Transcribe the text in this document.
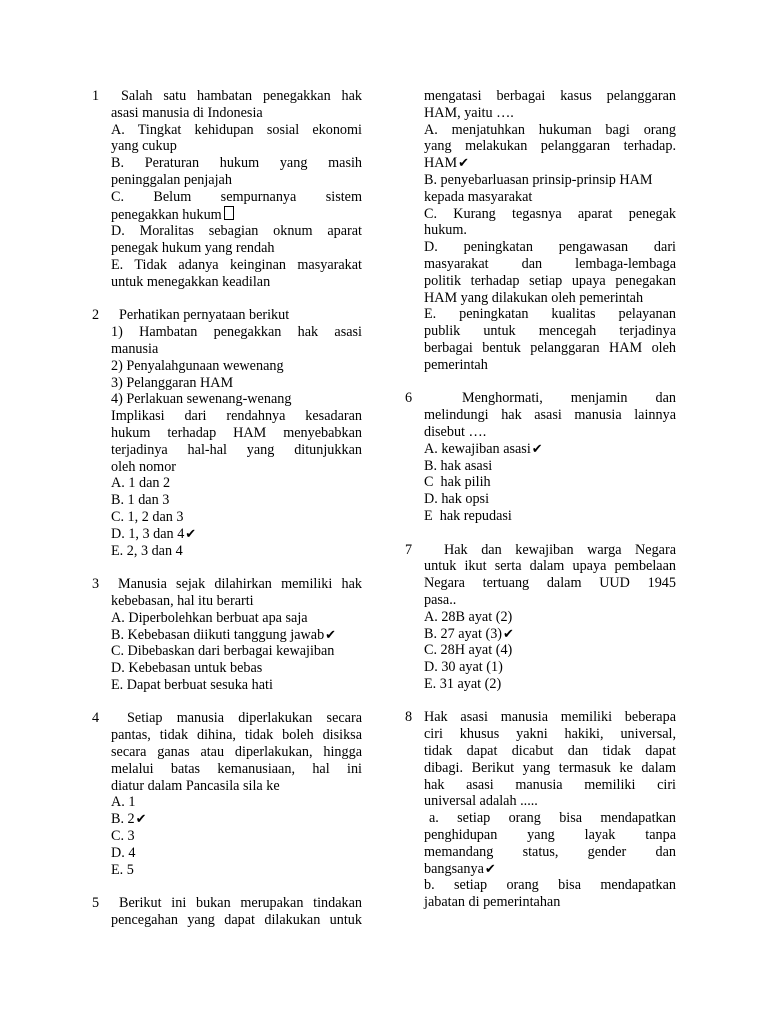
1	Salah satu hambatan penegakkan hak
asasi manusia di Indonesia
A. Tingkat kehidupan sosial ekonomi
yang cukup
B. Peraturan hukum yang masih
peninggalan penjajah
C. Belum sempurnanya sistem
penegakkan hukum
D. Moralitas sebagian oknum aparat
penegak hukum yang rendah
E. Tidak adanya keinginan masyarakat
untuk menegakkan keadilan
2	Perhatikan pernyataan berikut
1) Hambatan penegakkan hak asasi
manusia
2) Penyalahgunaan wewenang
3) Pelanggaran HAM
4) Perlakuan sewenang-wenang
Implikasi dari rendahnya kesadaran
hukum terhadap HAM menyebabkan
terjadinya hal-hal yang ditunjukkan
oleh nomor
A. 1 dan 2
B. 1 dan 3
C. 1, 2 dan 3
D. 1, 3 dan 4✔
E. 2, 3 dan 4
3	Manusia sejak dilahirkan memiliki hak
kebebasan, hal itu berarti
A. Diperbolehkan berbuat apa saja
B. Kebebasan diikuti tanggung jawab✔
C. Dibebaskan dari berbagai kewajiban
D. Kebebasan untuk bebas
E. Dapat berbuat sesuka hati
4	Setiap manusia diperlakukan secara
pantas, tidak dihina, tidak boleh disiksa
secara ganas atau diperlakukan, hingga
melalui batas kemanusiaan, hal ini
diatur dalam Pancasila sila ke
A. 1
B. 2✔
C. 3
D. 4
E. 5
5	Berikut ini bukan merupakan tindakan
pencegahan yang dapat dilakukan untuk
mengatasi berbagai kasus pelanggaran
HAM, yaitu ….
A. menjatuhkan hukuman bagi orang
yang melakukan pelanggaran terhadap.
HAM✔
B. penyebarluasan prinsip-prinsip HAM
kepada masyarakat
C. Kurang tegasnya aparat penegak
hukum.
D. peningkatan pengawasan dari
masyarakat dan lembaga-lembaga
politik terhadap setiap upaya penegakan
HAM yang dilakukan oleh pemerintah
E. peningkatan kualitas pelayanan
publik untuk mencegah terjadinya
berbagai bentuk pelanggaran HAM oleh
pemerintah
6	Menghormati, menjamin dan
melindungi hak asasi manusia lainnya
disebut ….
A. kewajiban asasi✔
B. hak asasi
C  hak pilih
D. hak opsi
E  hak repudasi
7	Hak dan kewajiban warga Negara
untuk ikut serta dalam upaya pembelaan
Negara tertuang dalam UUD 1945
pasa..
A. 28B ayat (2)
B. 27 ayat (3)✔
C. 28H ayat (4)
D. 30 ayat (1)
E. 31 ayat (2)
8 Hak asasi manusia memiliki beberapa
ciri khusus yakni hakiki, universal,
tidak dapat dicabut dan tidak dapat
dibagi. Berikut yang termasuk ke dalam
hak asasi manusia memiliki ciri
universal adalah .....
a. setiap orang bisa mendapatkan
penghidupan yang layak tanpa
memandang status, gender dan
bangsanya✔
b. setiap orang bisa mendapatkan
jabatan di pemerintahan
